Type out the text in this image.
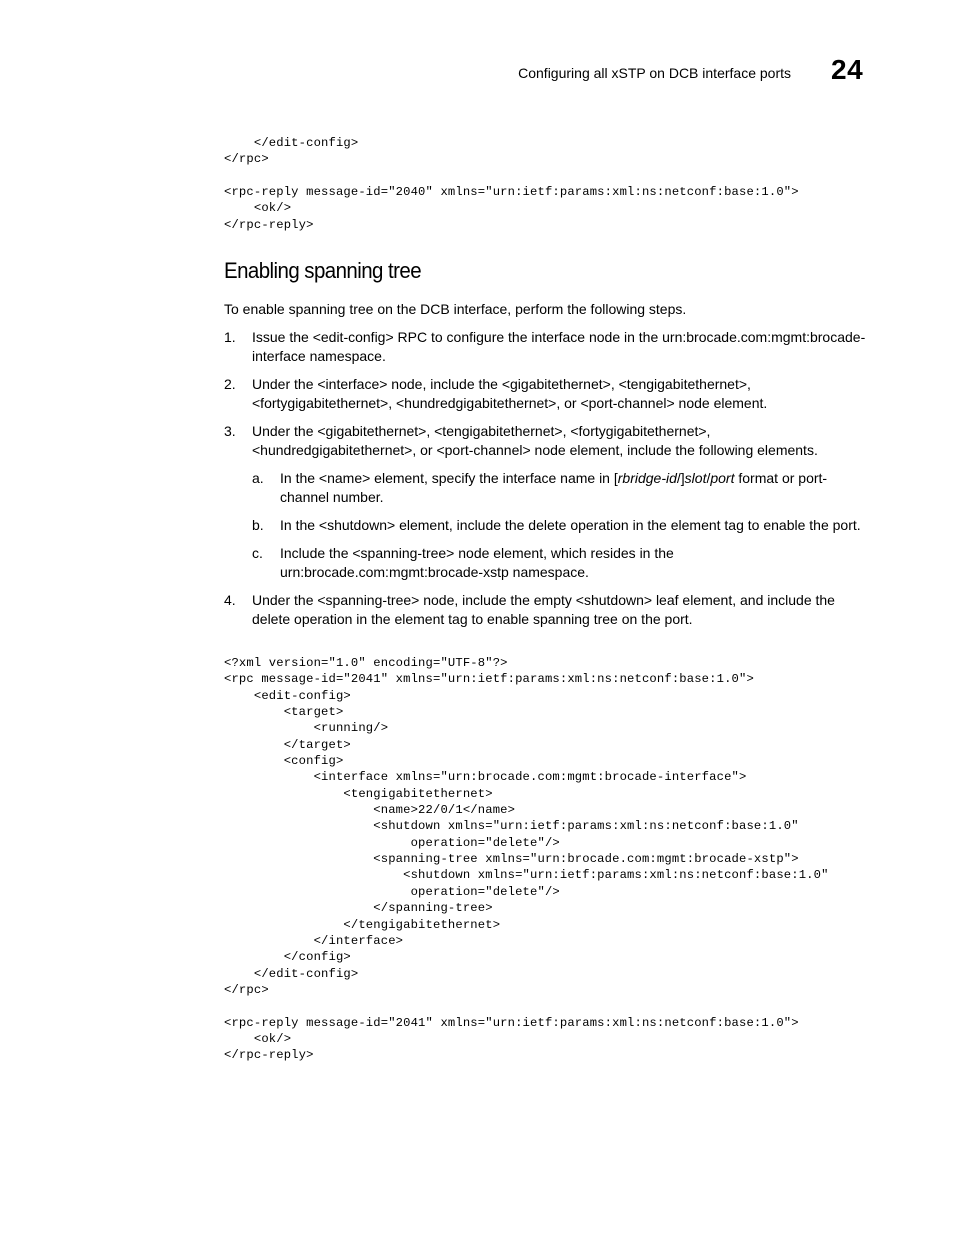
Configuring all xSTP on DCB interface ports 24
</edit-config>
</rpc>

<rpc-reply message-id="2040" xmlns="urn:ietf:params:xml:ns:netconf:base:1.0">
<ok/>
</rpc-reply>
Enabling spanning tree

To enable spanning tree on the DCB interface, perform the following steps.

1. Issue the <edit-config> RPC to configure the interface node in the urn:brocade.com:mgmt:brocade-interface namespace.
2. Under the <interface> node, include the <gigabitethernet>, <tengigabitethernet>, <fortygigabitethernet>, <hundredgigabitethernet>, or <port-channel> node element.
3. Under the <gigabitethernet>, <tengigabitethernet>, <fortygigabitethernet>, <hundredgigabitethernet>, or <port-channel> node element, include the following elements.
a. In the <name> element, specify the interface name in [rbridge-id/]slot/port format or port-channel number.
b. In the <shutdown> element, include the delete operation in the element tag to enable the port.
c. Include the <spanning-tree> node element, which resides in the urn:brocade.com:mgmt:brocade-xstp namespace.
4. Under the <spanning-tree> node, include the empty <shutdown> leaf element, and include the delete operation in the element tag to enable spanning tree on the port.
<?xml version="1.0" encoding="UTF-8"?>
<rpc message-id="2041" xmlns="urn:ietf:params:xml:ns:netconf:base:1.0">
<edit-config>
<target>
<running/>
</target>
<config>
<interface xmlns="urn:brocade.com:mgmt:brocade-interface">
<tengigabitethernet>
<name>22/0/1</name>
<shutdown xmlns="urn:ietf:params:xml:ns:netconf:base:1.0"
operation="delete"/>
<spanning-tree xmlns="urn:brocade.com:mgmt:brocade-xstp">
<shutdown xmlns="urn:ietf:params:xml:ns:netconf:base:1.0"
operation="delete"/>
</spanning-tree>
</tengigabitethernet>
</interface>
</config>
</edit-config>
</rpc>

<rpc-reply message-id="2041" xmlns="urn:ietf:params:xml:ns:netconf:base:1.0">
<ok/>
</rpc-reply>
